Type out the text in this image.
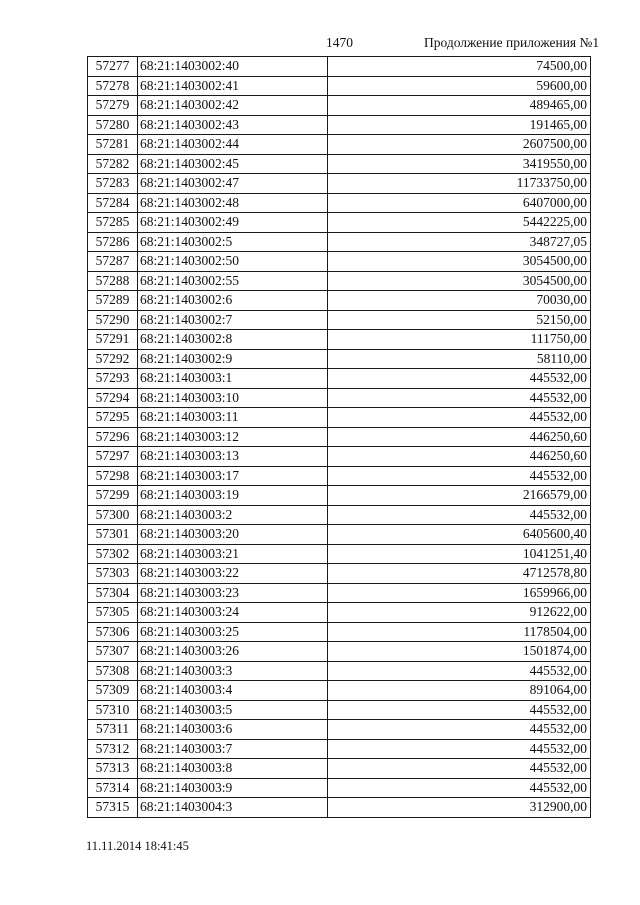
1470	Продолжение приложения №1
57277	68:21:1403002:40	74500,00
57278	68:21:1403002:41	59600,00
57279	68:21:1403002:42	489465,00
57280	68:21:1403002:43	191465,00
57281	68:21:1403002:44	2607500,00
57282	68:21:1403002:45	3419550,00
57283	68:21:1403002:47	11733750,00
57284	68:21:1403002:48	6407000,00
57285	68:21:1403002:49	5442225,00
57286	68:21:1403002:5	348727,05
57287	68:21:1403002:50	3054500,00
57288	68:21:1403002:55	3054500,00
57289	68:21:1403002:6	70030,00
57290	68:21:1403002:7	52150,00
57291	68:21:1403002:8	111750,00
57292	68:21:1403002:9	58110,00
57293	68:21:1403003:1	445532,00
57294	68:21:1403003:10	445532,00
57295	68:21:1403003:11	445532,00
57296	68:21:1403003:12	446250,60
57297	68:21:1403003:13	446250,60
57298	68:21:1403003:17	445532,00
57299	68:21:1403003:19	2166579,00
57300	68:21:1403003:2	445532,00
57301	68:21:1403003:20	6405600,40
57302	68:21:1403003:21	1041251,40
57303	68:21:1403003:22	4712578,80
57304	68:21:1403003:23	1659966,00
57305	68:21:1403003:24	912622,00
57306	68:21:1403003:25	1178504,00
57307	68:21:1403003:26	1501874,00
57308	68:21:1403003:3	445532,00
57309	68:21:1403003:4	891064,00
57310	68:21:1403003:5	445532,00
57311	68:21:1403003:6	445532,00
57312	68:21:1403003:7	445532,00
57313	68:21:1403003:8	445532,00
57314	68:21:1403003:9	445532,00
57315	68:21:1403004:3	312900,00
11.11.2014 18:41:45
